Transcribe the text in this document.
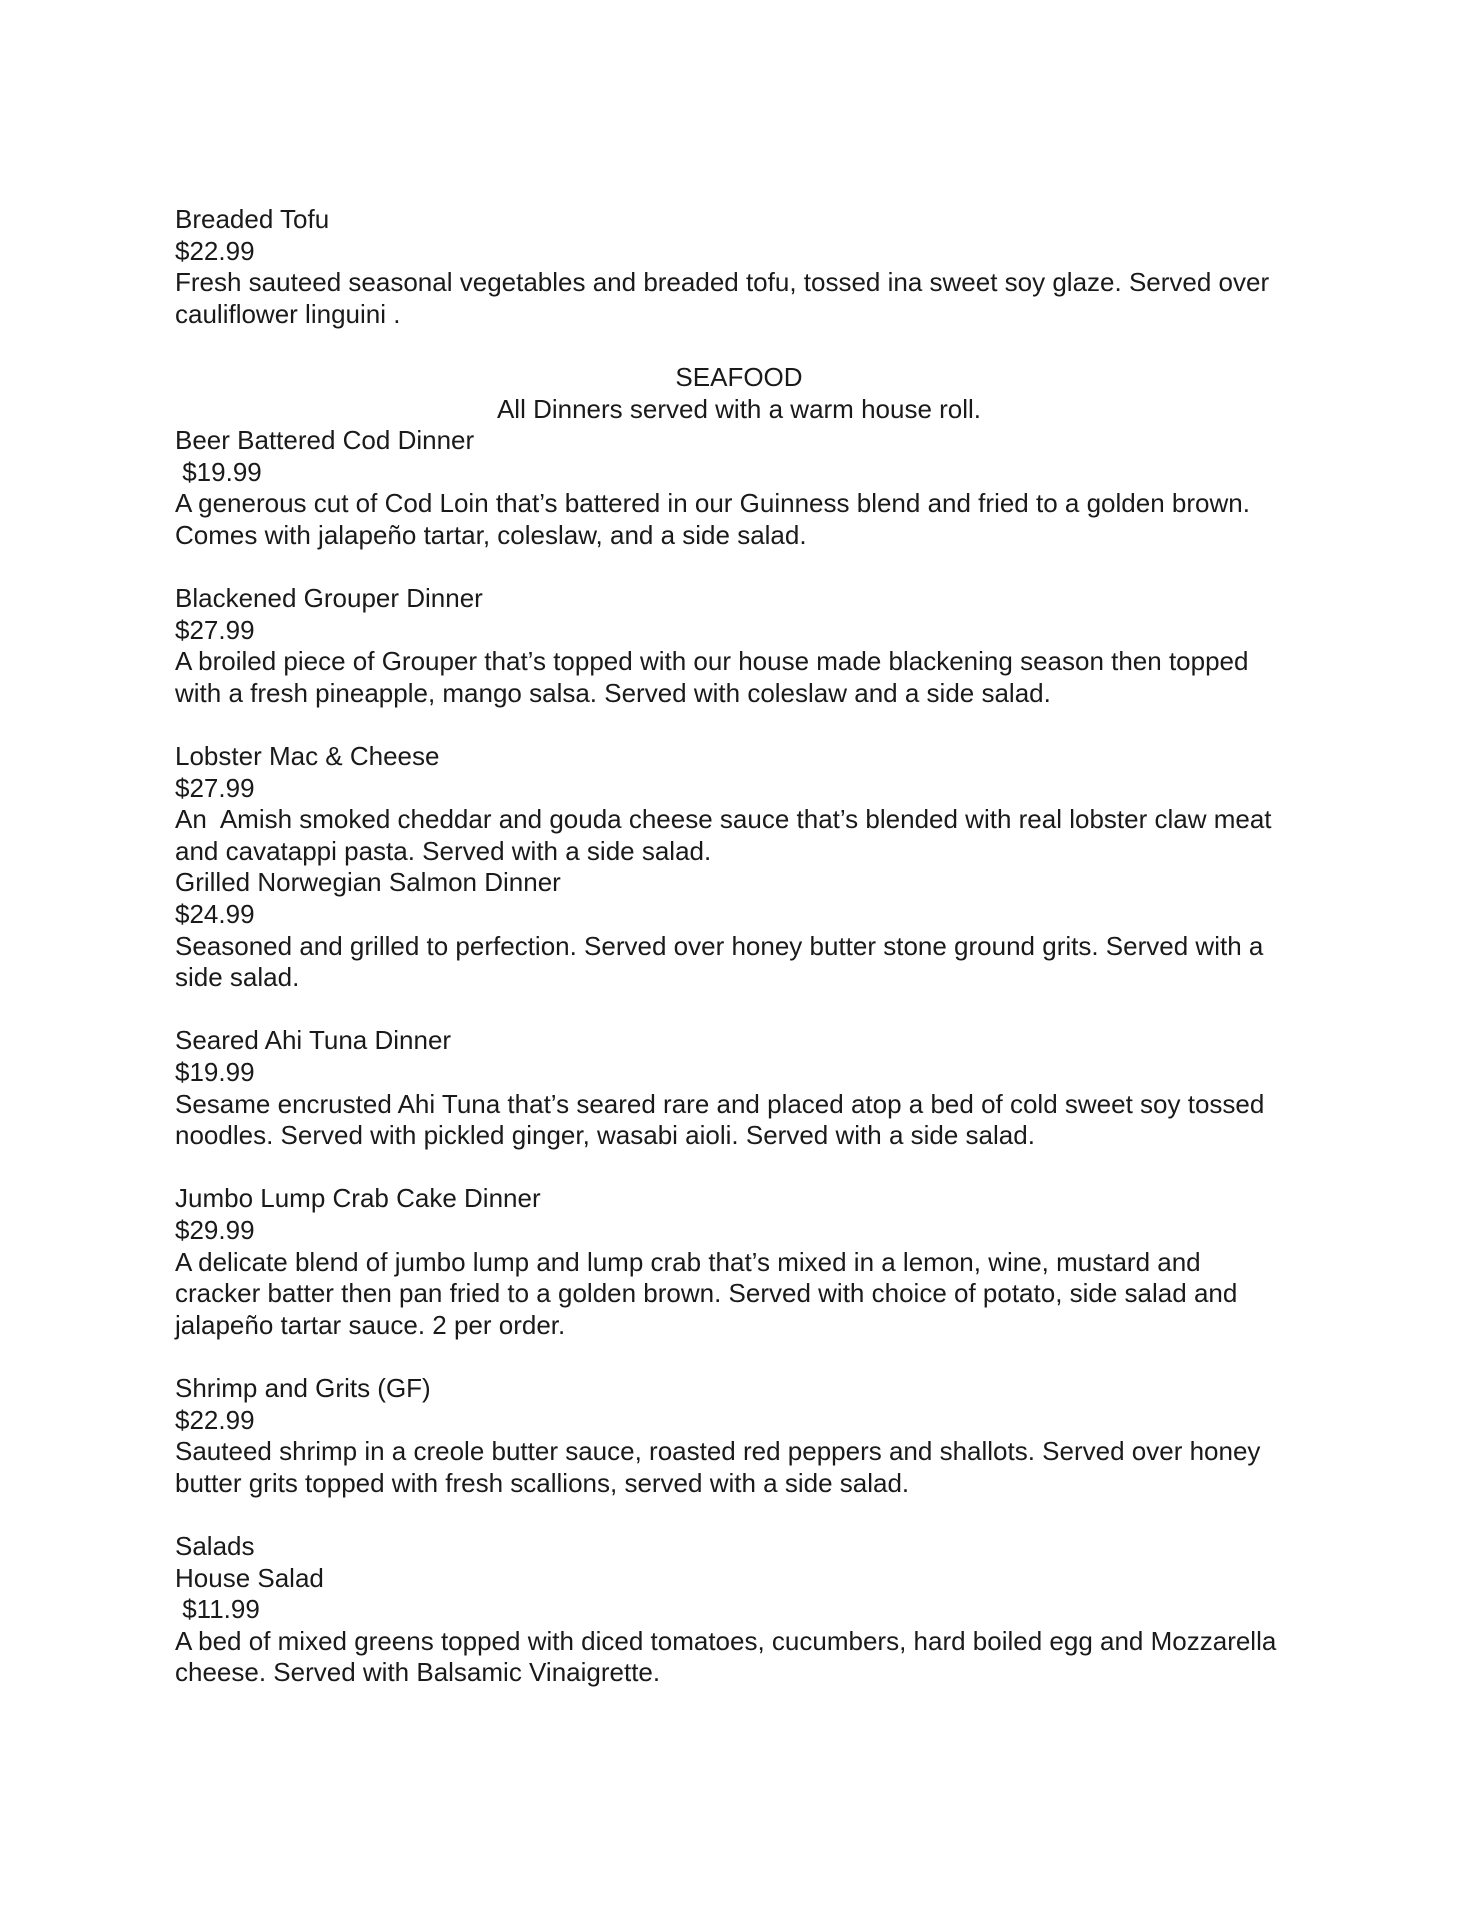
Breaded Tofu
$22.99
Fresh sauteed seasonal vegetables and breaded tofu, tossed ina sweet soy glaze. Served over
cauliflower linguini .
SEAFOOD
All Dinners served with a warm house roll.
Beer Battered Cod Dinner
$19.99
A generous cut of Cod Loin that’s battered in our Guinness blend and fried to a golden brown.
Comes with jalapeño tartar, coleslaw, and a side salad.
Blackened Grouper Dinner
$27.99
A broiled piece of Grouper that’s topped with our house made blackening season then topped
with a fresh pineapple, mango salsa. Served with coleslaw and a side salad.
Lobster Mac & Cheese
$27.99
An  Amish smoked cheddar and gouda cheese sauce that’s blended with real lobster claw meat
and cavatappi pasta. Served with a side salad.
Grilled Norwegian Salmon Dinner
$24.99
Seasoned and grilled to perfection. Served over honey butter stone ground grits. Served with a
side salad.
Seared Ahi Tuna Dinner
$19.99
Sesame encrusted Ahi Tuna that’s seared rare and placed atop a bed of cold sweet soy tossed
noodles. Served with pickled ginger, wasabi aioli. Served with a side salad.
Jumbo Lump Crab Cake Dinner
$29.99
A delicate blend of jumbo lump and lump crab that’s mixed in a lemon, wine, mustard and
cracker batter then pan fried to a golden brown. Served with choice of potato, side salad and
jalapeño tartar sauce. 2 per order.
Shrimp and Grits (GF)
$22.99
Sauteed shrimp in a creole butter sauce, roasted red peppers and shallots. Served over honey
butter grits topped with fresh scallions, served with a side salad.
Salads
House Salad
$11.99
A bed of mixed greens topped with diced tomatoes, cucumbers, hard boiled egg and Mozzarella
cheese. Served with Balsamic Vinaigrette.
